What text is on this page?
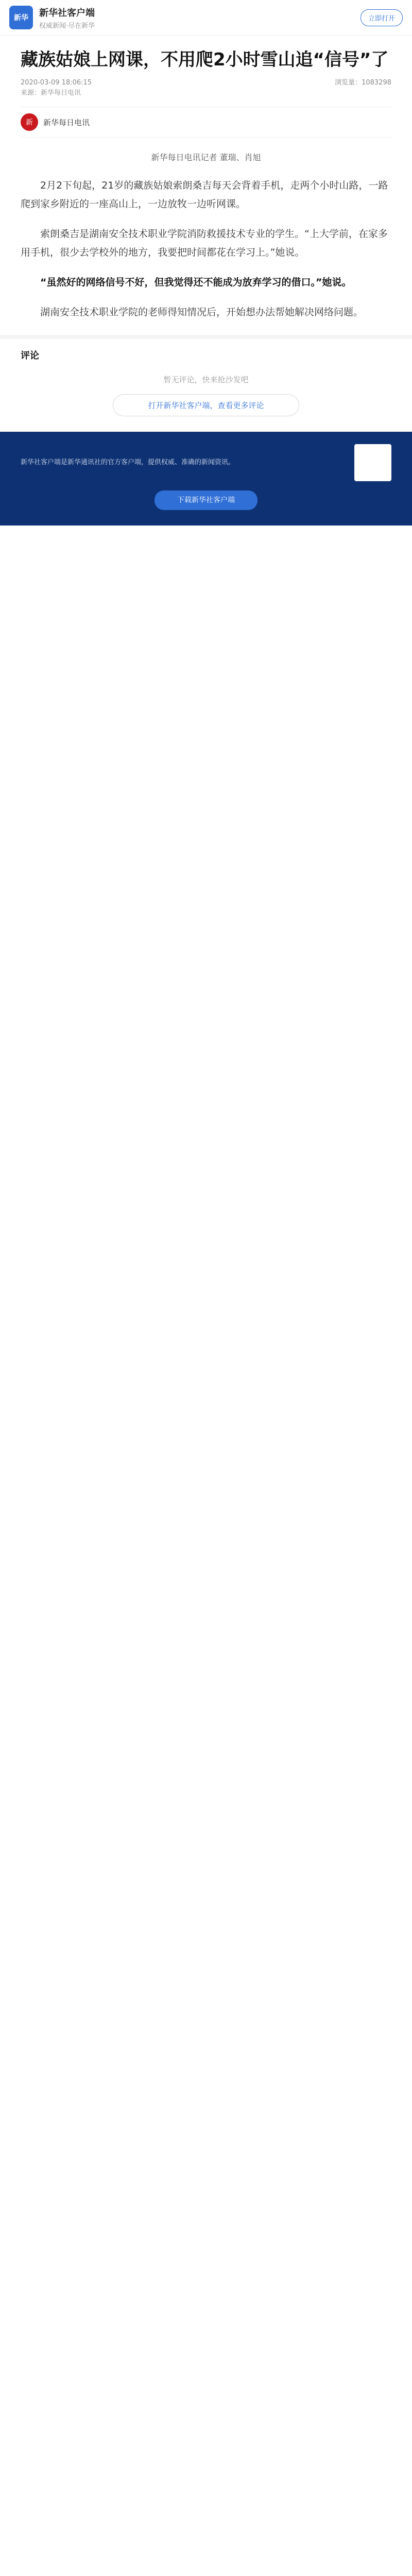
新华	新华社客户端
权威新闻·尽在新华
立即打开
藏族姑娘上网课，不用爬2小时雪山追“信号”了
2020-03-09 18:06:15
来源：新华每日电讯
浏览量：1083298
新	新华每日电讯
新华每日电讯记者 董瑞、肖旭

2月2下旬起，21岁的藏族姑娘索朗桑吉每天会背着手机，走两个小时山路，一路爬到家乡附近的一座高山上，一边放牧一边听网课。

索朗桑吉是湖南安全技术职业学院消防救援技术专业的学生。“上大学前，在家多用手机，很少去学校外的地方，我要把时间都花在学习上。”她说。

“虽然好的网络信号不好，但我觉得还不能成为放弃学习的借口。”她说。

湖南安全技术职业学院的老师得知情况后，开始想办法帮她解决网络问题。

评论
暂无评论，快来抢沙发吧
打开新华社客户端，查看更多评论
新华社客户端是新华通讯社的官方客户端，提供权威、准确的新闻资讯。
下载新华社客户端
